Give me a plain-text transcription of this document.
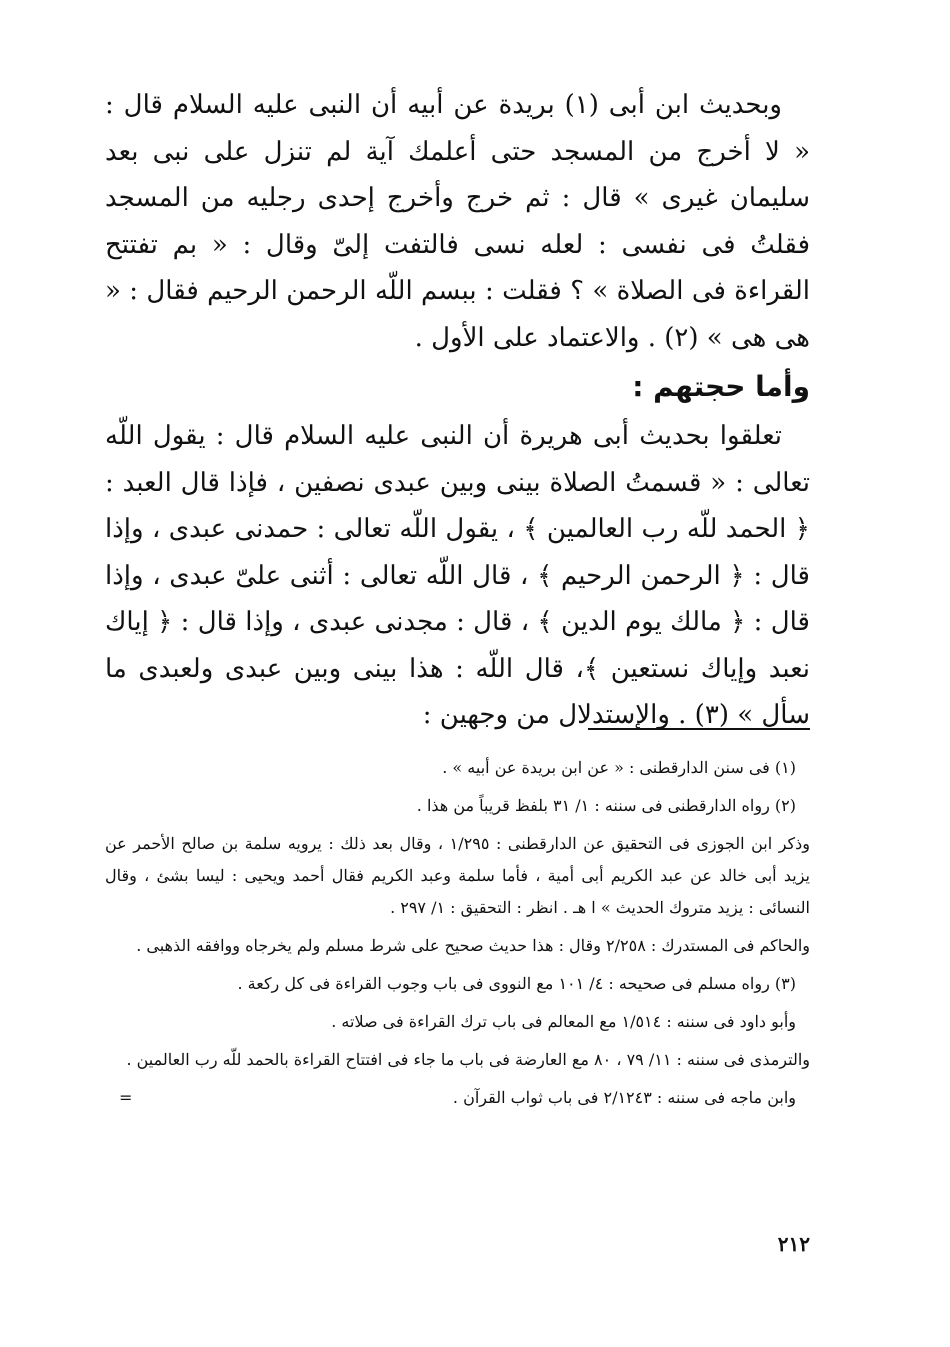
وبحديث ابن أبى (١) بريدة عن أبيه أن النبى عليه السلام قال : « لا أخرج من المسجد حتى أعلمك آية لم تنزل على نبى بعد سليمان غيرى » قال : ثم خرج وأخرج إحدى رجليه من المسجد فقلتُ فى نفسى : لعله نسى فالتفت إلىّ وقال : « بم تفتتح القراءة فى الصلاة » ؟ فقلت : ببسم اللّه الرحمن الرحيم فقال : « هى هى » (٢) . والاعتماد على الأول .

وأما حجتهم :

تعلقوا بحديث أبى هريرة أن النبى عليه السلام قال : يقول اللّه تعالى : « قسمتُ الصلاة بينى وبين عبدى نصفين ، فإذا قال العبد : ﴿ الحمد للّه رب العالمين ﴾ ، يقول اللّه تعالى : حمدنى عبدى ، وإذا قال : ﴿ الرحمن الرحيم ﴾ ، قال اللّه تعالى : أثنى علىّ عبدى ، وإذا قال : ﴿ مالك يوم الدين ﴾ ، قال : مجدنى عبدى ، وإذا قال : ﴿ إياك نعبد وإياك نستعين ﴾، قال اللّه : هذا بينى وبين عبدى ولعبدى ما سأل » (٣) . والإستدلال من وجهين :

(١) فى سنن الدارقطنى : « عن ابن بريدة عن أبيه » .

(٢) رواه الدارقطنى فى سننه : ١/ ٣١ بلفظ قريباً من هذا .

وذكر ابن الجوزى فى التحقيق عن الدارقطنى : ١/٢٩٥ ، وقال بعد ذلك : يرويه سلمة بن صالح الأحمر عن يزيد أبى خالد عن عبد الكريم أبى أمية ، فأما سلمة وعبد الكريم فقال أحمد ويحيى : ليسا بشئ ، وقال النسائى : يزيد متروك الحديث » ا هـ . انظر : التحقيق : ١/ ٢٩٧ .

والحاكم فى المستدرك : ٢/٢٥٨ وقال : هذا حديث صحيح على شرط مسلم ولم يخرجاه ووافقه الذهبى .

(٣) رواه مسلم فى صحيحه : ٤/ ١٠١ مع النووى فى باب وجوب القراءة فى كل ركعة .

وأبو داود فى سننه : ١/٥١٤ مع المعالم فى باب ترك القراءة فى صلاته .

والترمذى فى سننه : ١١/ ٧٩ ، ٨٠ مع العارضة فى باب ما جاء فى افتتاح القراءة بالحمد للّه رب العالمين .

وابن ماجه فى سننه : ٢/١٢٤٣ فى باب ثواب القرآن .

=
٢١٢
